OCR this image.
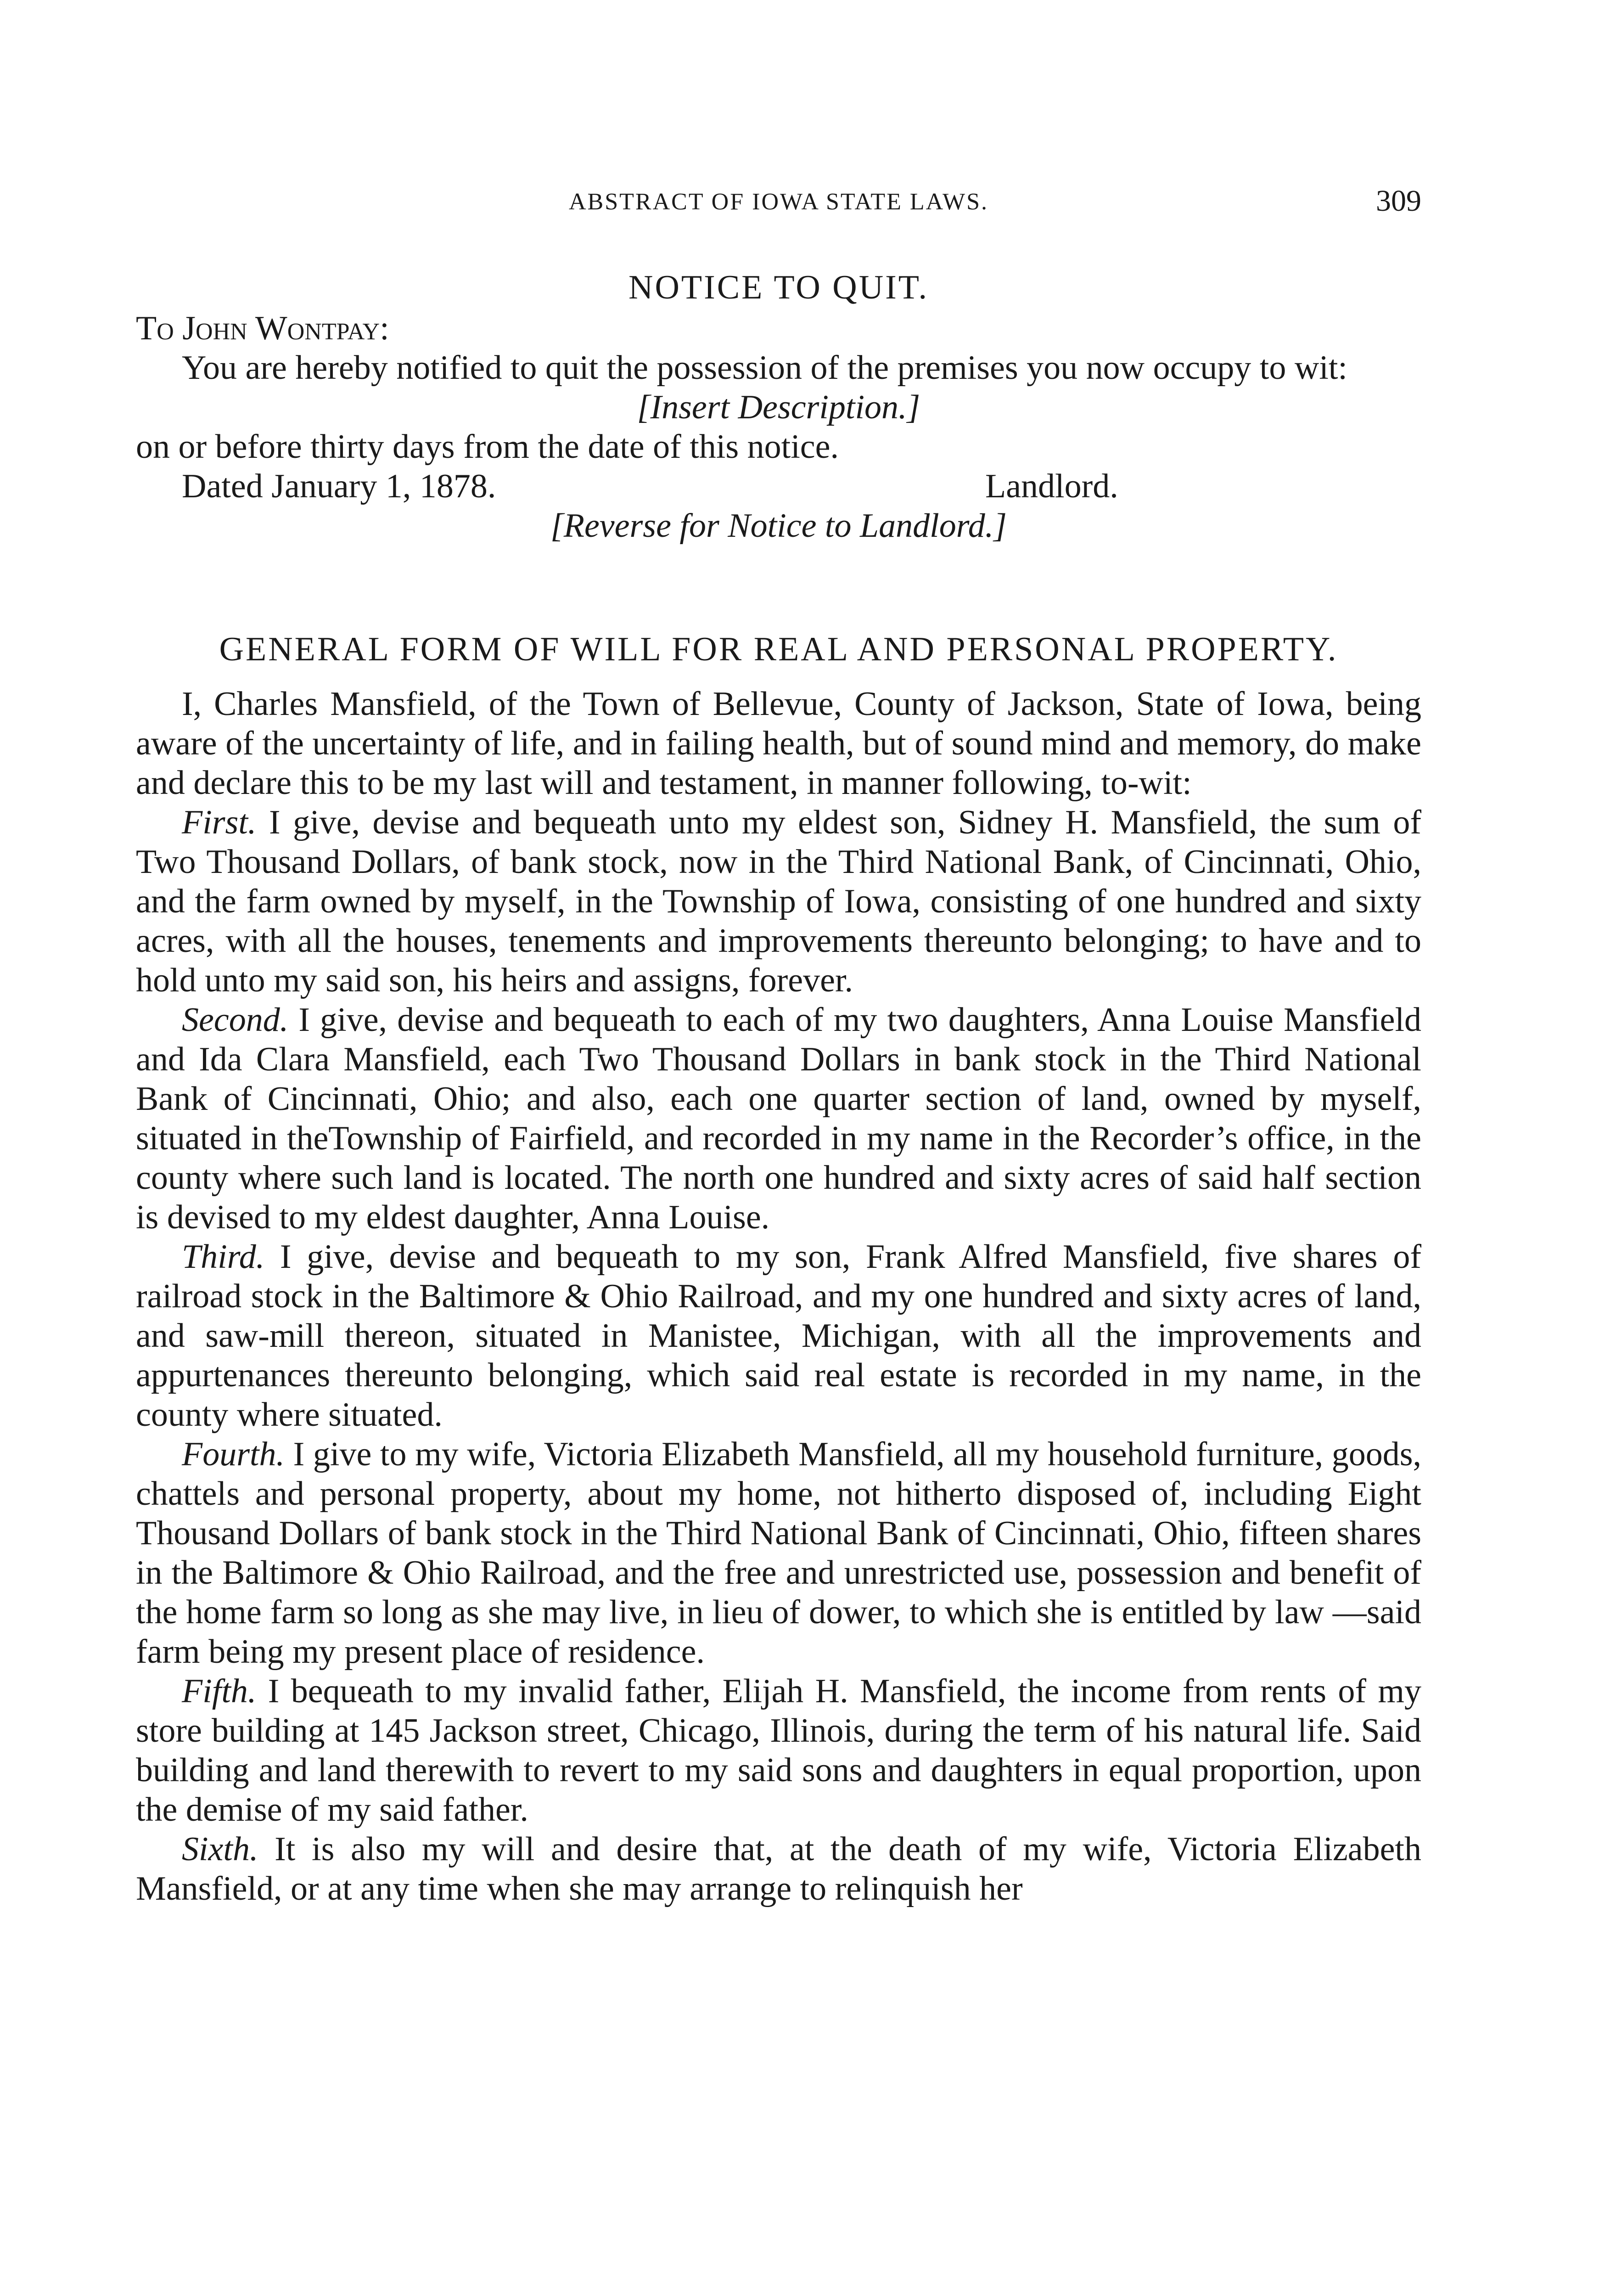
ABSTRACT OF IOWA STATE LAWS.	309
NOTICE TO QUIT.

To John Wontpay:

You are hereby notified to quit the possession of the premises you now occupy to wit:

[Insert Description.]

on or before thirty days from the date of this notice.

Dated January 1, 1878.	Landlord.

[Reverse for Notice to Landlord.]

GENERAL FORM OF WILL FOR REAL AND PERSONAL PROPERTY.

I, Charles Mansfield, of the Town of Bellevue, County of Jackson, State of Iowa, being aware of the uncertainty of life, and in failing health, but of sound mind and memory, do make and declare this to be my last will and testament, in manner following, to-wit:

First. I give, devise and bequeath unto my eldest son, Sidney H. Mansfield, the sum of Two Thousand Dollars, of bank stock, now in the Third National Bank, of Cincinnati, Ohio, and the farm owned by myself, in the Township of Iowa, consisting of one hundred and sixty acres, with all the houses, tenements and improvements thereunto belonging; to have and to hold unto my said son, his heirs and assigns, forever.

Second. I give, devise and bequeath to each of my two daughters, Anna Louise Mansfield and Ida Clara Mansfield, each Two Thousand Dollars in bank stock in the Third National Bank of Cincinnati, Ohio; and also, each one quarter section of land, owned by myself, situated in theTownship of Fairfield, and recorded in my name in the Recorder’s office, in the county where such land is located. The north one hundred and sixty acres of said half section is devised to my eldest daughter, Anna Louise.

Third. I give, devise and bequeath to my son, Frank Alfred Mansfield, five shares of railroad stock in the Baltimore & Ohio Railroad, and my one hundred and sixty acres of land, and saw-mill thereon, situated in Manistee, Michigan, with all the improvements and appurtenances thereunto belonging, which said real estate is recorded in my name, in the county where situated.

Fourth. I give to my wife, Victoria Elizabeth Mansfield, all my household furniture, goods, chattels and personal property, about my home, not hitherto disposed of, including Eight Thousand Dollars of bank stock in the Third National Bank of Cincinnati, Ohio, fifteen shares in the Baltimore & Ohio Railroad, and the free and unrestricted use, possession and benefit of the home farm so long as she may live, in lieu of dower, to which she is entitled by law —said farm being my present place of residence.

Fifth. I bequeath to my invalid father, Elijah H. Mansfield, the income from rents of my store building at 145 Jackson street, Chicago, Illinois, during the term of his natural life. Said building and land therewith to revert to my said sons and daughters in equal proportion, upon the demise of my said father.

Sixth. It is also my will and desire that, at the death of my wife, Victoria Elizabeth Mansfield, or at any time when she may arrange to relinquish her
